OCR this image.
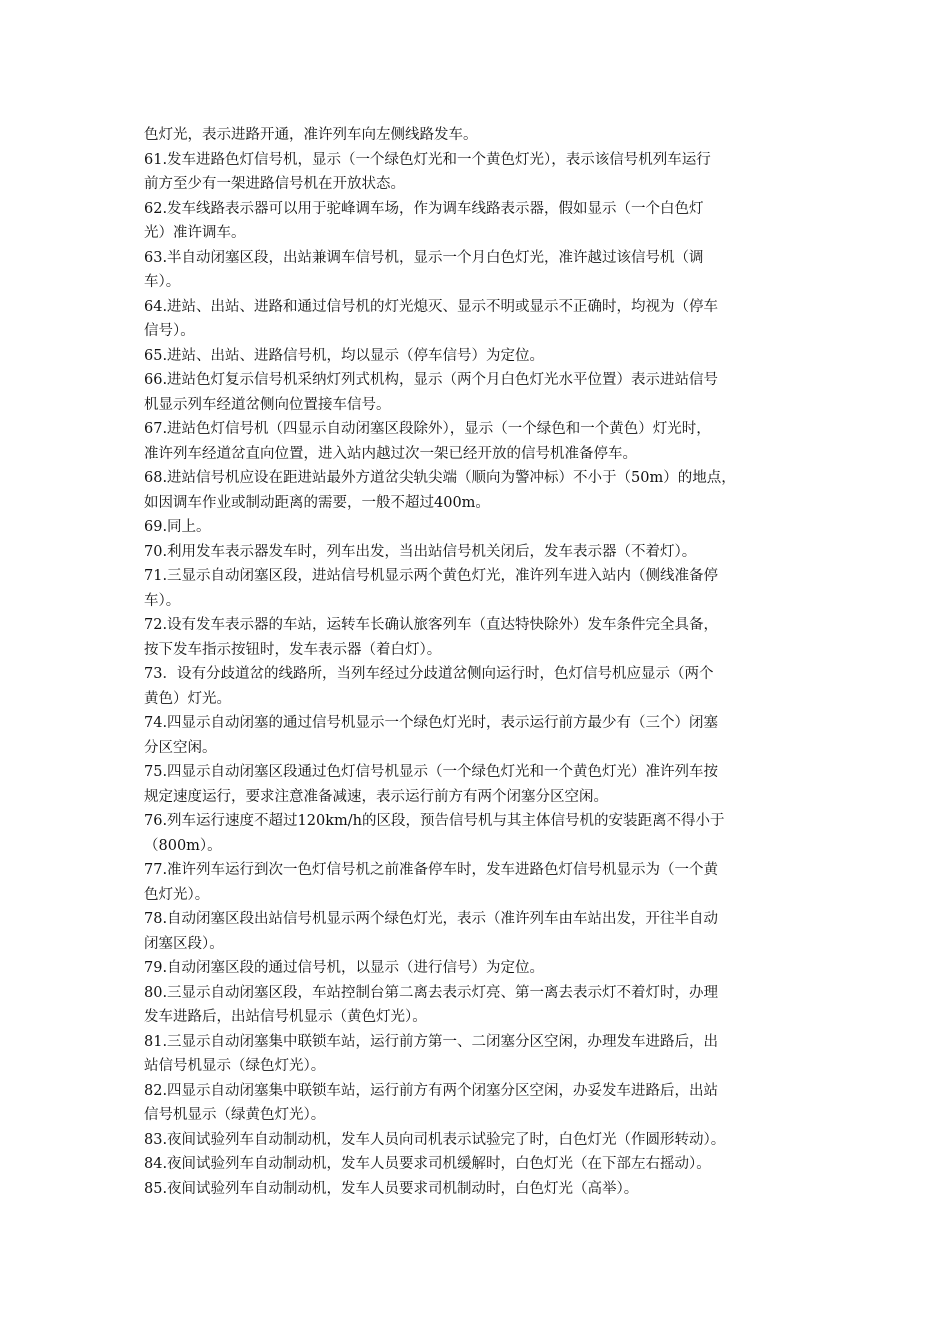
色灯光，表示进路开通，准许列车向左侧线路发车。
61.发车进路色灯信号机，显示（一个绿色灯光和一个黄色灯光），表示该信号机列车运行
前方至少有一架进路信号机在开放状态。
62.发车线路表示器可以用于驼峰调车场，作为调车线路表示器，假如显示（一个白色灯
光）准许调车。
63.半自动闭塞区段，出站兼调车信号机，显示一个月白色灯光，准许越过该信号机（调
车）。
64.进站、出站、进路和通过信号机的灯光熄灭、显示不明或显示不正确时，均视为（停车
信号）。
65.进站、出站、进路信号机，均以显示（停车信号）为定位。
66.进站色灯复示信号机采纳灯列式机构，显示（两个月白色灯光水平位置）表示进站信号
机显示列车经道岔侧向位置接车信号。
67.进站色灯信号机（四显示自动闭塞区段除外），显示（一个绿色和一个黄色）灯光时，
准许列车经道岔直向位置，进入站内越过次一架已经开放的信号机准备停车。
68.进站信号机应设在距进站最外方道岔尖轨尖端（顺向为警冲标）不小于（50m）的地点，
如因调车作业或制动距离的需要，一般不超过400m。
69.同上。
70.利用发车表示器发车时，列车出发，当出站信号机关闭后，发车表示器（不着灯）。
71.三显示自动闭塞区段，进站信号机显示两个黄色灯光，准许列车进入站内（侧线准备停
车）。
72.设有发车表示器的车站，运转车长确认旅客列车（直达特快除外）发车条件完全具备，
按下发车指示按钮时，发车表示器（着白灯）。
73．设有分歧道岔的线路所，当列车经过分歧道岔侧向运行时，色灯信号机应显示（两个
黄色）灯光。
74.四显示自动闭塞的通过信号机显示一个绿色灯光时，表示运行前方最少有（三个）闭塞
分区空闲。
75.四显示自动闭塞区段通过色灯信号机显示（一个绿色灯光和一个黄色灯光）准许列车按
规定速度运行，要求注意准备减速，表示运行前方有两个闭塞分区空闲。
76.列车运行速度不超过120km/h的区段，预告信号机与其主体信号机的安装距离不得小于
（800m）。
77.准许列车运行到次一色灯信号机之前准备停车时，发车进路色灯信号机显示为（一个黄
色灯光）。
78.自动闭塞区段出站信号机显示两个绿色灯光，表示（准许列车由车站出发，开往半自动
闭塞区段）。
79.自动闭塞区段的通过信号机，以显示（进行信号）为定位。
80.三显示自动闭塞区段，车站控制台第二离去表示灯亮、第一离去表示灯不着灯时，办理
发车进路后，出站信号机显示（黄色灯光）。
81.三显示自动闭塞集中联锁车站，运行前方第一、二闭塞分区空闲，办理发车进路后，出
站信号机显示（绿色灯光）。
82.四显示自动闭塞集中联锁车站，运行前方有两个闭塞分区空闲，办妥发车进路后，出站
信号机显示（绿黄色灯光）。
83.夜间试验列车自动制动机，发车人员向司机表示试验完了时，白色灯光（作圆形转动）。
84.夜间试验列车自动制动机，发车人员要求司机缓解时，白色灯光（在下部左右摇动）。
85.夜间试验列车自动制动机，发车人员要求司机制动时，白色灯光（高举）。
